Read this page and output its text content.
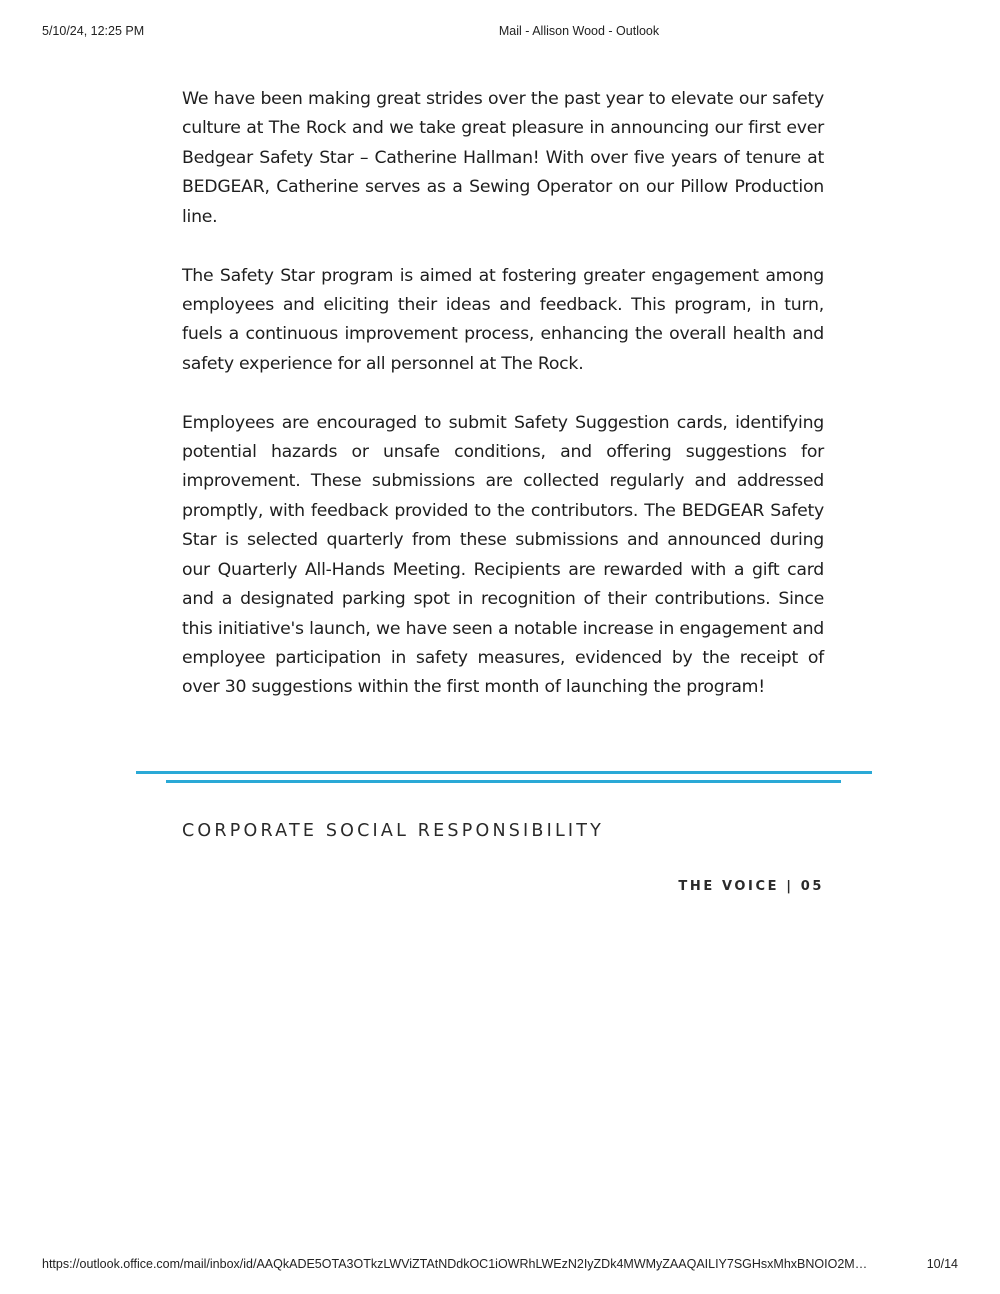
5/10/24, 12:25 PM	Mail - Allison Wood - Outlook

We have been making great strides over the past year to elevate our safety culture at The Rock and we take great pleasure in announcing our first ever Bedgear Safety Star – Catherine Hallman! With over five years of tenure at BEDGEAR, Catherine serves as a Sewing Operator on our Pillow Production line.

The Safety Star program is aimed at fostering greater engagement among employees and eliciting their ideas and feedback. This program, in turn, fuels a continuous improvement process, enhancing the overall health and safety experience for all personnel at The Rock.

Employees are encouraged to submit Safety Suggestion cards, identifying potential hazards or unsafe conditions, and offering suggestions for improvement. These submissions are collected regularly and addressed promptly, with feedback provided to the contributors. The BEDGEAR Safety Star is selected quarterly from these submissions and announced during our Quarterly All-Hands Meeting. Recipients are rewarded with a gift card and a designated parking spot in recognition of their contributions. Since this initiative's launch, we have seen a notable increase in engagement and employee participation in safety measures, evidenced by the receipt of over 30 suggestions within the first month of launching the program!

CORPORATE SOCIAL RESPONSIBILITY
THE VOICE | 05
https://outlook.office.com/mail/inbox/id/AAQkADE5OTA3OTkzLWViZTAtNDdkOC1iOWRhLWEzN2IyZDk4MWMyZAAQAILIY7SGHsxMhxBNOIO2M…	10/14
